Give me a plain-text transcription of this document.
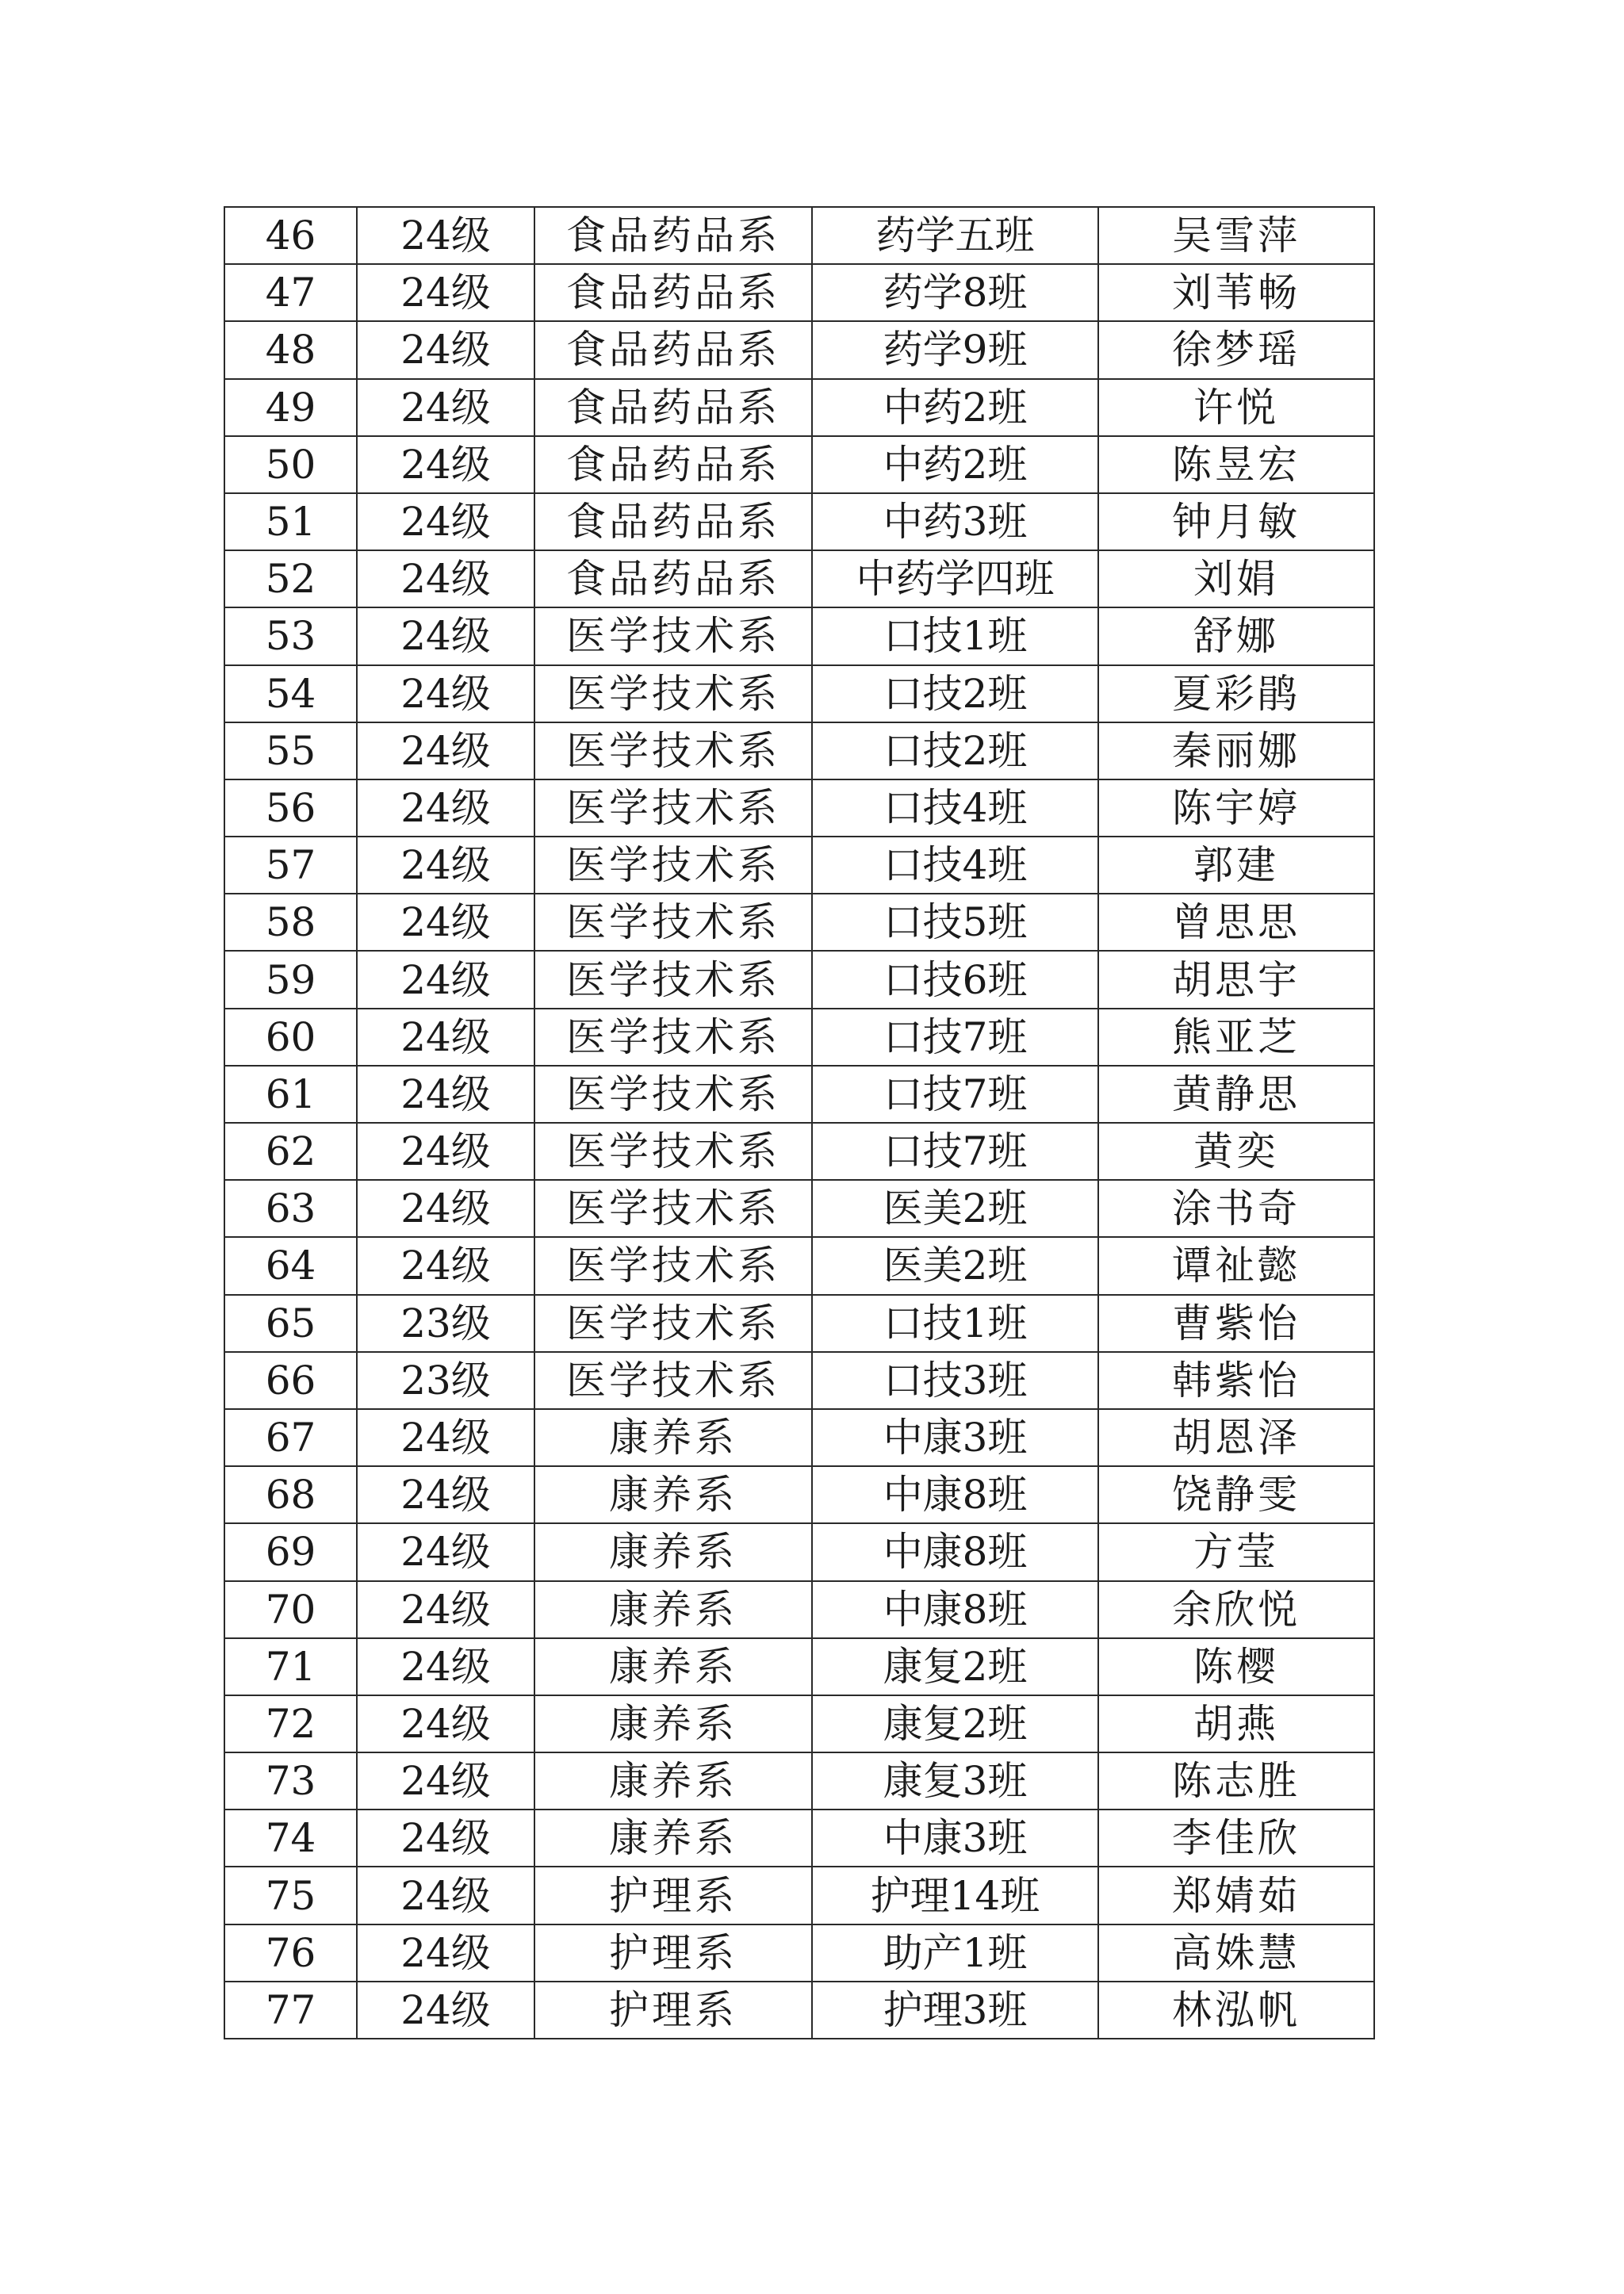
46	24级	食品药品系	药学五班	吴雪萍
47	24级	食品药品系	药学8班	刘苇畅
48	24级	食品药品系	药学9班	徐梦瑶
49	24级	食品药品系	中药2班	许悦
50	24级	食品药品系	中药2班	陈昱宏
51	24级	食品药品系	中药3班	钟月敏
52	24级	食品药品系	中药学四班	刘娟
53	24级	医学技术系	口技1班	舒娜
54	24级	医学技术系	口技2班	夏彩鹃
55	24级	医学技术系	口技2班	秦丽娜
56	24级	医学技术系	口技4班	陈宇婷
57	24级	医学技术系	口技4班	郭建
58	24级	医学技术系	口技5班	曾思思
59	24级	医学技术系	口技6班	胡思宇
60	24级	医学技术系	口技7班	熊亚芝
61	24级	医学技术系	口技7班	黄静思
62	24级	医学技术系	口技7班	黄奕
63	24级	医学技术系	医美2班	涂书奇
64	24级	医学技术系	医美2班	谭祉懿
65	23级	医学技术系	口技1班	曹紫怡
66	23级	医学技术系	口技3班	韩紫怡
67	24级	康养系	中康3班	胡恩泽
68	24级	康养系	中康8班	饶静雯
69	24级	康养系	中康8班	方莹
70	24级	康养系	中康8班	余欣悦
71	24级	康养系	康复2班	陈樱
72	24级	康养系	康复2班	胡燕
73	24级	康养系	康复3班	陈志胜
74	24级	康养系	中康3班	李佳欣
75	24级	护理系	护理14班	郑婧茹
76	24级	护理系	助产1班	高姝慧
77	24级	护理系	护理3班	林泓帆
